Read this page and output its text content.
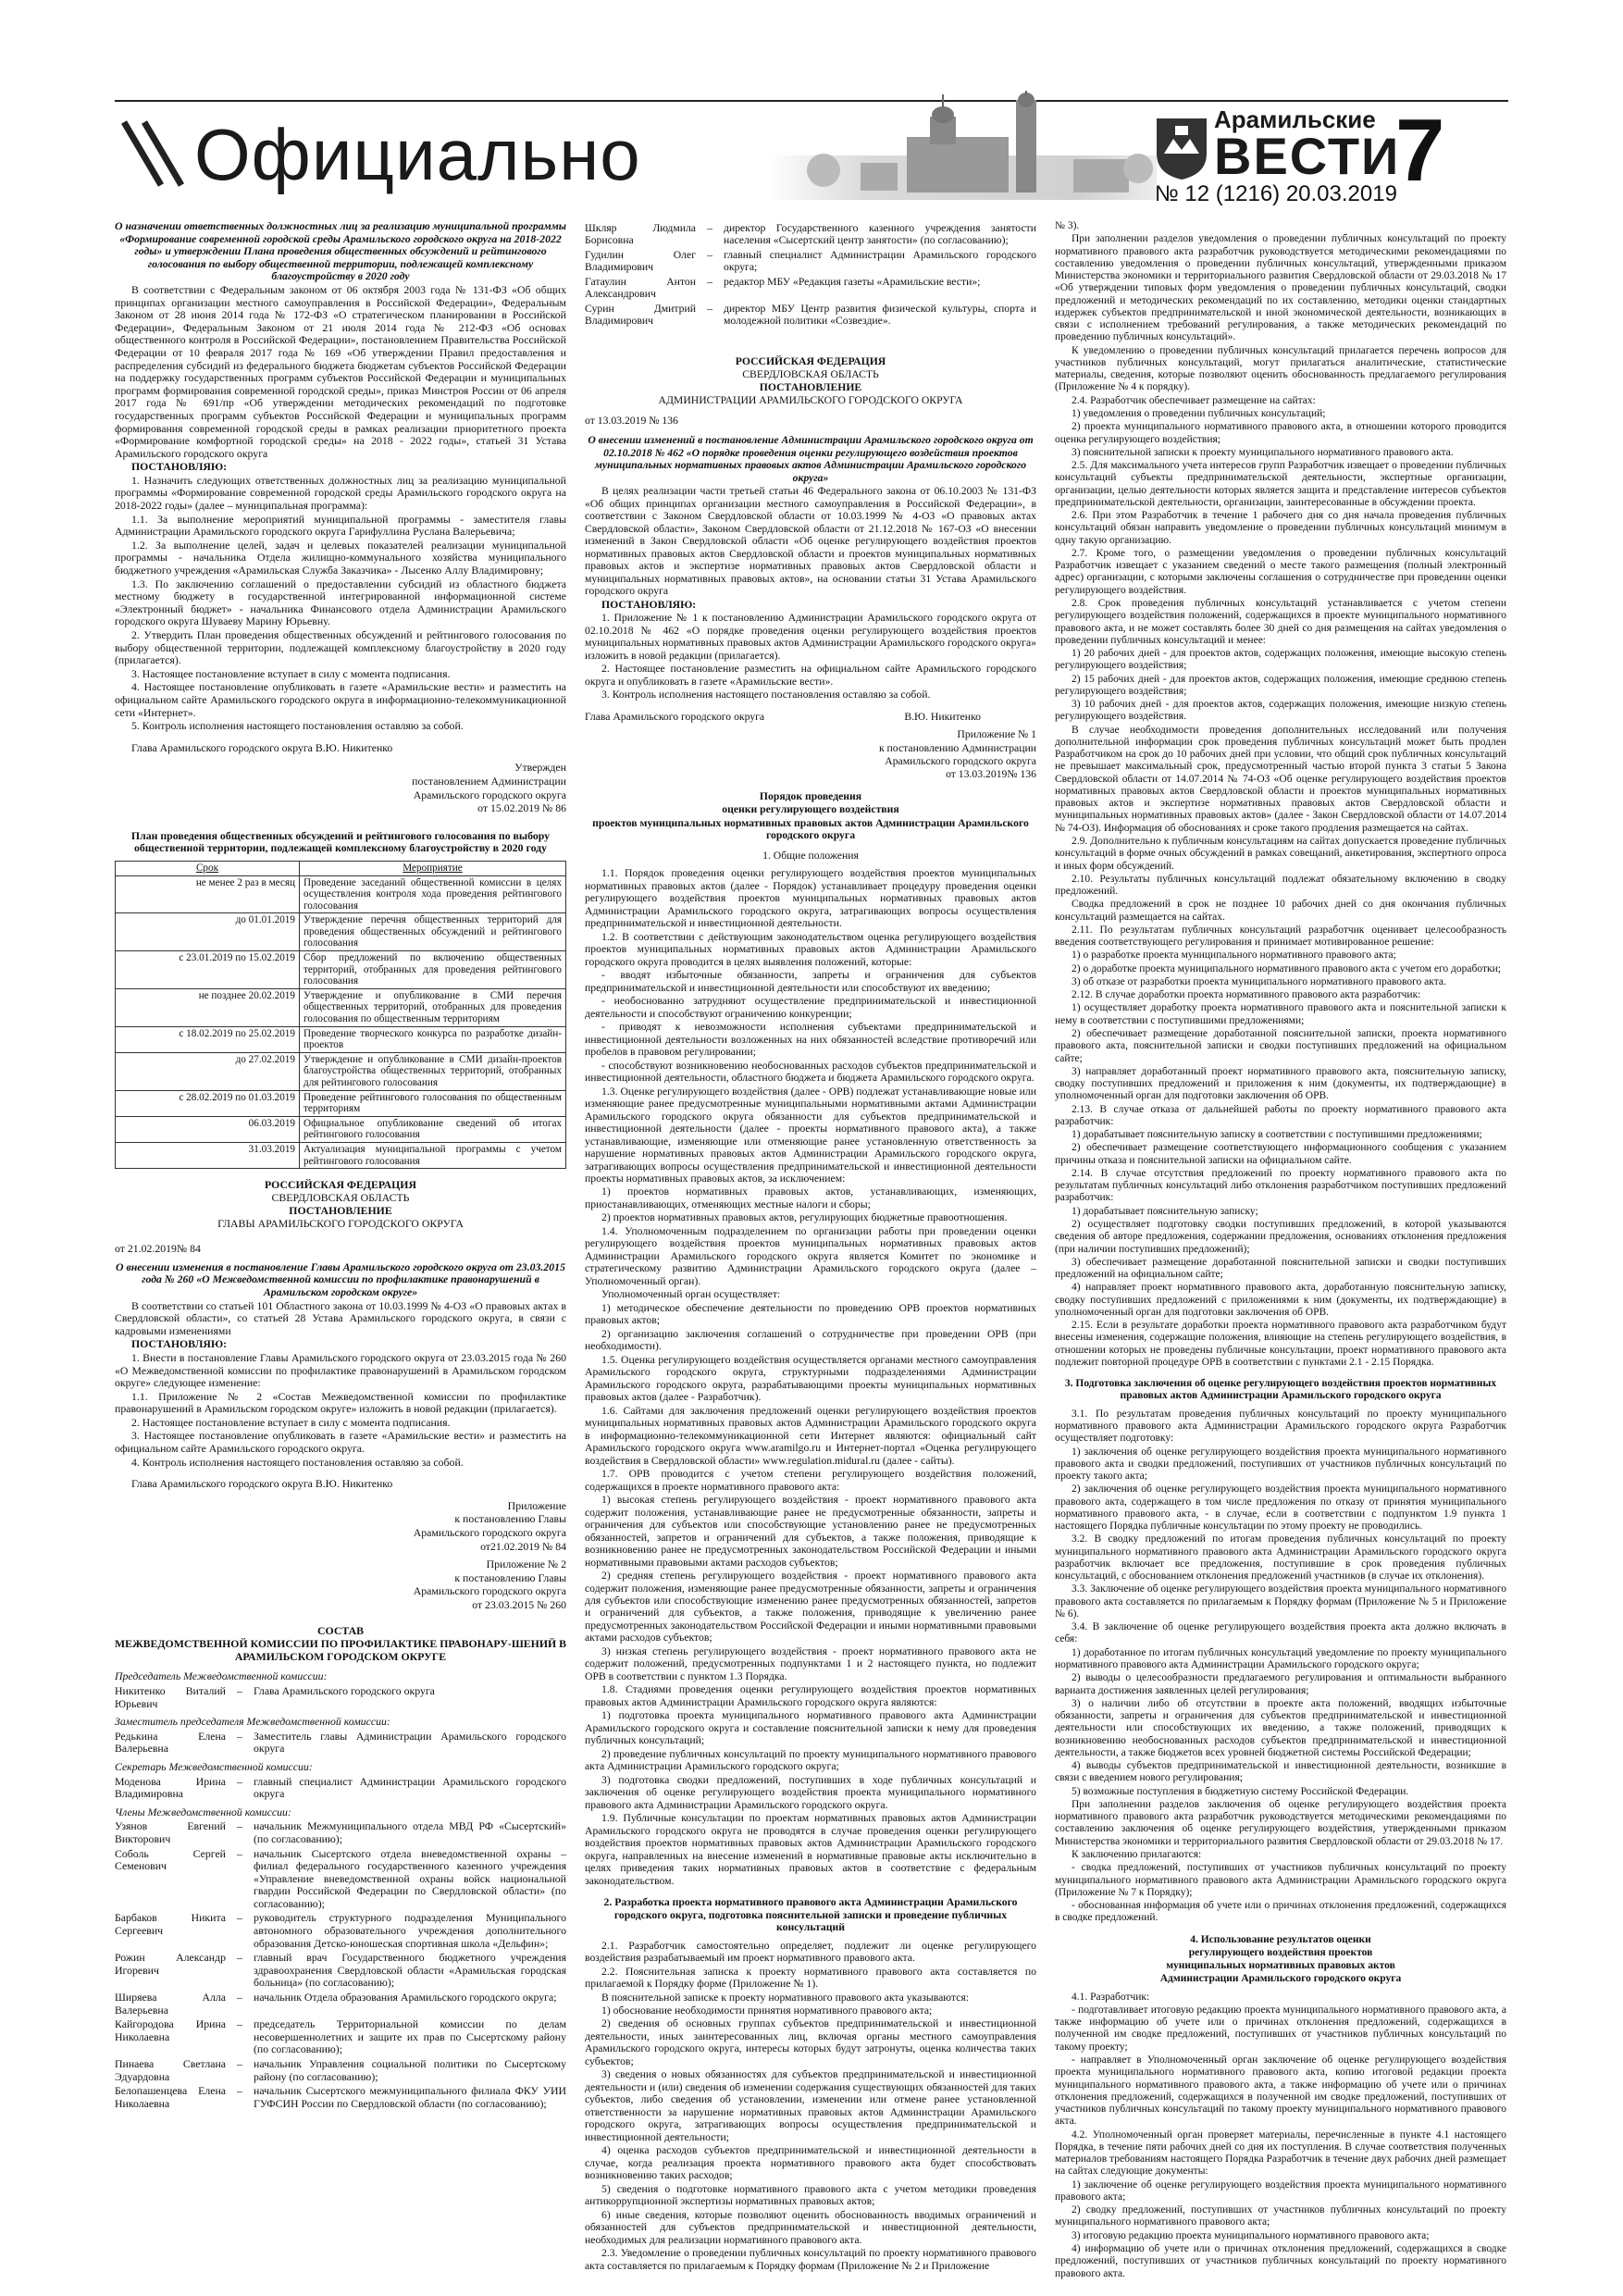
Официально	Арамильские
ВЕСТИ
7
№ 12 (1216) 20.03.2019

О назначении ответственных должностных лиц за реализацию муниципальной программы «Формирование современной городской среды Арамильского городского округа на 2018-2022 годы» и утверждении Плана проведения общественных обсуждений и рейтингового голосования по выбору общественной территории, подлежащей комплексному благоустройству в 2020 году

В соответствии с Федеральным законом от 06 октября 2003 года № 131-ФЗ «Об общих принципах организации местного самоуправления в Российской Федерации», Федеральным Законом от 28 июня 2014 года № 172-ФЗ «О стратегическом планировании в Российской Федерации», Федеральным Законом от 21 июля 2014 года № 212-ФЗ «Об основах общественного контроля в Российской Федерации», постановлением Правительства Российской Федерации от 10 февраля 2017 года № 169 «Об утверждении Правил предоставления и распределения субсидий из федерального бюджета бюджетам субъектов Российской Федерации на поддержку государственных программ субъектов Российской Федерации и муниципальных программ формирования современной городской среды», приказ Минстроя России от 06 апреля 2017 года № 691/пр «Об утверждении методических рекомендаций по подготовке государственных программ субъектов Российской Федерации и муниципальных программ формирования современной городской среды в рамках реализации приоритетного проекта «Формирование комфортной городской среды» на 2018 - 2022 годы», статьей 31 Устава Арамильского городского округа

ПОСТАНОВЛЯЮ:

1. Назначить следующих ответственных должностных лиц за реализацию муниципальной программы «Формирование современной городской среды Арамильского городского округа на 2018-2022 годы» (далее – муниципальная программа):

1.1. За выполнение мероприятий муниципальной программы - заместителя главы Администрации Арамильского городского округа Гарифуллина Руслана Валерьевича;

1.2. За выполнение целей, задач и целевых показателей реализации муниципальной программы - начальника Отдела жилищно-коммунального хозяйства муниципального бюджетного учреждения «Арамильская Служба Заказчика» - Лысенко Аллу Владимировну;

1.3. По заключению соглашений о предоставлении субсидий из областного бюджета местному бюджету в государственной интегрированной информационной системе «Электронный бюджет» - начальника Финансового отдела Администрации Арамильского городского округа Шуваеву Марину Юрьевну.

2. Утвердить План проведения общественных обсуждений и рейтингового голосования по выбору общественной территории, подлежащей комплексному благоустройству в 2020 году (прилагается).

3. Настоящее постановление вступает в силу с момента подписания.

4. Настоящее постановление опубликовать в газете «Арамильские вести» и разместить на официальном сайте Арамильского городского округа в информационно-телекоммуникационной сети «Интернет».

5. Контроль исполнения настоящего постановления оставляю за собой.

Глава Арамильского городского округа В.Ю. Никитенко

Утвержден

постановлением Администрации

Арамильского городского округа

от 15.02.2019 № 86

План проведения общественных обсуждений и рейтингового голосования по выбору общественной территории, подлежащей комплексному благоустройству в 2020 году

Срок	Мероприятие
не менее 2 раз в месяц	Проведение заседаний общественной комиссии в целях осуществления контроля хода проведения рейтингового голосования
до 01.01.2019	Утверждение перечня общественных территорий для проведения общественных обсуждений и рейтингового голосования
с 23.01.2019 по 15.02.2019	Сбор предложений по включению общественных территорий, отобранных для проведения рейтингового голосования
не позднее 20.02.2019	Утверждение и опубликование в СМИ перечня общественных территорий, отобранных для проведения голосования по общественным территориям
с 18.02.2019 по 25.02.2019	Проведение творческого конкурса по разработке дизайн-проектов
до 27.02.2019	Утверждение и опубликование в СМИ дизайн-проектов благоустройства общественных территорий, отобранных для рейтингового голосования
с 28.02.2019 по 01.03.2019	Проведение рейтингового голосования по общественным территориям
06.03.2019	Официальное опубликование сведений об итогах рейтингового голосования
31.03.2019	Актуализация муниципальной программы с учетом рейтингового голосования
РОССИЙСКАЯ ФЕДЕРАЦИЯ
СВЕРДЛОВСКАЯ ОБЛАСТЬ
ПОСТАНОВЛЕНИЕ
ГЛАВЫ АРАМИЛЬСКОГО ГОРОДСКОГО ОКРУГА

от 21.02.2019№ 84

О внесении изменения в постановление Главы Арамильского городского округа от 23.03.2015 года № 260 «О Межведомственной комиссии по профилактике правонарушений в Арамильском городском округе»

В соответствии со статьей 101 Областного закона от 10.03.1999 № 4-ОЗ «О правовых актах в Свердловской области», со статьей 28 Устава Арамильского городского округа, в связи с кадровыми изменениями

ПОСТАНОВЛЯЮ:

1. Внести в постановление Главы Арамильского городского округа от 23.03.2015 года № 260 «О Межведомственной комиссии по профилактике правонарушений в Арамильском городском округе» следующее изменение:

1.1. Приложение № 2 «Состав Межведомственной комиссии по профилактике правонарушений в Арамильском городском округе» изложить в новой редакции (прилагается).

2. Настоящее постановление вступает в силу с момента подписания.

3. Настоящее постановление опубликовать в газете «Арамильские вести» и разместить на официальном сайте Арамильского городского округа.

4. Контроль исполнения настоящего постановления оставляю за собой.

Глава Арамильского городского округа В.Ю. Никитенко

Приложение

к постановлению Главы

Арамильского городского округа

от21.02.2019 № 84

Приложение № 2

к постановлению Главы

Арамильского городского округа

от 23.03.2015 № 260

СОСТАВ

МЕЖВЕДОМСТВЕННОЙ КОМИССИИ ПО ПРОФИЛАКТИКЕ ПРАВОНАРУ-ШЕНИЙ В АРАМИЛЬСКОМ ГОРОДСКОМ ОКРУГЕ

Председатель Межведомственной комиссии:

Никитенко Виталий Юрьевич
–	Глава Арамильского городского округа

Заместитель председателя Межведомственной комиссии:

Редькина Елена Валерьевна
–	Заместитель главы Администрации Арамильского городского округа

Секретарь Межведомственной комиссии:

Моденова Ирина Владимировна
–	главный специалист Администрации Арамильского городского округа

Члены Межведомственной комиссии:

Узянов Евгений Викторович
–	начальник Межмуниципального отдела МВД РФ «Сысертский» (по согласованию);
Соболь Сергей Семенович
–	начальник Сысертского отдела вневедомственной охраны – филиал федерального государственного казенного учреждения «Управление вневедомственной охраны войск национальной гвардии Российской Федерации по Свердловской области» (по согласованию);
Барбаков Никита Сергеевич
–	руководитель структурного подразделения Муниципального автономного образовательного учреждения дополнительного образования Детско-юношеская спортивная школа «Дельфин»;
Рожин Александр Игоревич
–	главный врач Государственного бюджетного учреждения здравоохранения Свердловской области «Арамильская городская больница» (по согласованию);
Ширяева Алла Валерьевна
–	начальник Отдела образования Арамильского городского округа;
Кайгородова Ирина Николаевна
–	председатель Территориальной комиссии по делам несовершеннолетних и защите их прав по Сысертскому району (по согласованию);
Пинаева Светлана Эдуардовна
–	начальник Управления социальной политики по Сысертскому району (по согласованию);
Белопашенцева Елена Николаевна
–	начальник Сысертского межмуниципального филиала ФКУ УИИ ГУФСИН России по Свердловской области (по согласованию);
Шкляр Людмила Борисовна
–	директор Государственного казенного учреждения занятости населения «Сысертский центр занятости» (по согласованию);
Гудилин Олег Владимирович
–	главный специалист Администрации Арамильского городского округа;
Гатаулин Антон Александрович
–	редактор МБУ «Редакция газеты «Арамильские вести»;
Сурин Дмитрий Владимирович
–	директор МБУ Центр развития физической культуры, спорта и молодежной политики «Созвездие».
РОССИЙСКАЯ ФЕДЕРАЦИЯ
СВЕРДЛОВСКАЯ ОБЛАСТЬ
ПОСТАНОВЛЕНИЕ
АДМИНИСТРАЦИИ АРАМИЛЬСКОГО ГОРОДСКОГО ОКРУГА

от 13.03.2019 № 136

О внесении изменений в постановление Администрации Арамильского городского округа от 02.10.2018 № 462 «О порядке проведения оценки регулирующего воздействия проектов муниципальных нормативных правовых актов Администрации Арамильского городского округа»

В целях реализации части третьей статьи 46 Федерального закона от 06.10.2003 № 131-ФЗ «Об общих принципах организации местного самоуправления в Российской Федерации», в соответствии с Законом Свердловской области от 10.03.1999 № 4-ОЗ «О правовых актах Свердловской области», Законом Свердловской области от 21.12.2018 № 167-ОЗ «О внесении изменений в Закон Свердловской области «Об оценке регулирующего воздействия проектов нормативных правовых актов Свердловской области и проектов муниципальных нормативных правовых актов и экспертизе нормативных правовых актов Свердловской области и муниципальных нормативных правовых актов», на основании статьи 31 Устава Арамильского городского округа

ПОСТАНОВЛЯЮ:

1. Приложение № 1 к постановлению Администрации Арамильского городского округа от 02.10.2018 № 462 «О порядке проведения оценки регулирующего воздействия проектов муниципальных нормативных правовых актов Администрации Арамильского городского округа» изложить в новой редакции (прилагается).

2. Настоящее постановление разместить на официальном сайте Арамильского городского округа и опубликовать в газете «Арамильские вести».

3. Контроль исполнения настоящего постановления оставляю за собой.

Глава Арамильского городского округа	В.Ю. Никитенко

Приложение № 1

к постановлению Администрации

Арамильского городского округа

от 13.03.2019№ 136

Порядок проведения

оценки регулирующего воздействия

проектов муниципальных нормативных правовых актов Администрации Арамильского городского округа

1. Общие положения

1.1. Порядок проведения оценки регулирующего воздействия проектов муниципальных нормативных правовых актов (далее - Порядок) устанавливает процедуру проведения оценки регулирующего воздействия проектов муниципальных нормативных правовых актов Администрации Арамильского городского округа, затрагивающих вопросы осуществления предпринимательской и инвестиционной деятельности.

1.2. В соответствии с действующим законодательством оценка регулирующего воздействия проектов муниципальных нормативных правовых актов Администрации Арамильского городского округа проводится в целях выявления положений, которые:

- вводят избыточные обязанности, запреты и ограничения для субъектов предпринимательской и инвестиционной деятельности или способствуют их введению;

- необоснованно затрудняют осуществление предпринимательской и инвестиционной деятельности и способствуют ограничению конкуренции;

- приводят к невозможности исполнения субъектами предпринимательской и инвестиционной деятельности возложенных на них обязанностей вследствие противоречий или пробелов в правовом регулировании;

- способствуют возникновению необоснованных расходов субъектов предпринимательской и инвестиционной деятельности, областного бюджета и бюджета Арамильского городского округа.

1.3. Оценке регулирующего воздействия (далее - ОРВ) подлежат устанавливающие новые или изменяющие ранее предусмотренные муниципальными нормативными актами Администрации Арамильского городского округа обязанности для субъектов предпринимательской и инвестиционной деятельности (далее - проекты нормативного правового акта), а также устанавливающие, изменяющие или отменяющие ранее установленную ответственность за нарушение нормативных правовых актов Администрации Арамильского городского округа, затрагивающих вопросы осуществления предпринимательской и инвестиционной деятельности проекты нормативных правовых актов, за исключением:

1) проектов нормативных правовых актов, устанавливающих, изменяющих, приостанавливающих, отменяющих местные налоги и сборы;

2) проектов нормативных правовых актов, регулирующих бюджетные правоотношения.

1.4. Уполномоченным подразделением по организации работы при проведении оценки регулирующего воздействия проектов муниципальных нормативных правовых актов Администрации Арамильского городского округа является Комитет по экономике и стратегическому развитию Администрации Арамильского городского округа (далее – Уполномоченный орган).

Уполномоченный орган осуществляет:

1) методическое обеспечение деятельности по проведению ОРВ проектов нормативных правовых актов;

2) организацию заключения соглашений о сотрудничестве при проведении ОРВ (при необходимости).

1.5. Оценка регулирующего воздействия осуществляется органами местного самоуправления Арамильского городского округа, структурными подразделениями Администрации Арамильского городского округа, разрабатывающими проекты муниципальных нормативных правовых актов (далее - Разработчик).

1.6. Сайтами для заключения предложений оценки регулирующего воздействия проектов муниципальных нормативных правовых актов Администрации Арамильского городского округа в информационно-телекоммуникационной сети Интернет являются: официальный сайт Арамильского городского округа www.aramilgo.ru и Интернет-портал «Оценка регулирующего воздействия в Свердловской области» www.regulation.midural.ru (далее - сайты).

1.7. ОРВ проводится с учетом степени регулирующего воздействия положений, содержащихся в проекте нормативного правового акта:

1) высокая степень регулирующего воздействия - проект нормативного правового акта содержит положения, устанавливающие ранее не предусмотренные обязанности, запреты и ограничения для субъектов или способствующие установлению ранее не предусмотренных обязанностей, запретов и ограничений для субъектов, а также положения, приводящие к возникновению ранее не предусмотренных законодательством Российской Федерации и иными нормативными правовыми актами расходов субъектов;

2) средняя степень регулирующего воздействия - проект нормативного правового акта содержит положения, изменяющие ранее предусмотренные обязанности, запреты и ограничения для субъектов или способствующие изменению ранее предусмотренных обязанностей, запретов и ограничений для субъектов, а также положения, приводящие к увеличению ранее предусмотренных законодательством Российской Федерации и иными нормативными правовыми актами расходов субъектов;

3) низкая степень регулирующего воздействия - проект нормативного правового акта не содержит положений, предусмотренных подпунктами 1 и 2 настоящего пункта, но подлежит ОРВ в соответствии с пунктом 1.3 Порядка.

1.8. Стадиями проведения оценки регулирующего воздействия проектов нормативных правовых актов Администрации Арамильского городского округа являются:

1) подготовка проекта муниципального нормативного правового акта Администрации Арамильского городского округа и составление пояснительной записки к нему для проведения публичных консультаций;

2) проведение публичных консультаций по проекту муниципального нормативного правового акта Администрации Арамильского городского округа;

3) подготовка сводки предложений, поступивших в ходе публичных консультаций и заключения об оценке регулирующего воздействия проекта муниципального нормативного правового акта Администрации Арамильского городского округа.

1.9. Публичные консультации по проектам нормативных правовых актов Администрации Арамильского городского округа не проводятся в случае проведения оценки регулирующего воздействия проектов нормативных правовых актов Администрации Арамильского городского округа, направленных на внесение изменений в нормативные правовые акты исключительно в целях приведения таких нормативных правовых актов в соответствие с федеральным законодательством.

2. Разработка проекта нормативного правового акта Администрации Арамильского городского округа, подготовка пояснительной записки и проведение публичных консультаций

2.1. Разработчик самостоятельно определяет, подлежит ли оценке регулирующего воздействия разрабатываемый им проект нормативного правового акта.

2.2. Пояснительная записка к проекту нормативного правового акта составляется по прилагаемой к Порядку форме (Приложение № 1).

В пояснительной записке к проекту нормативного правового акта указываются:

1) обоснование необходимости принятия нормативного правового акта;

2) сведения об основных группах субъектов предпринимательской и инвестиционной деятельности, иных заинтересованных лиц, включая органы местного самоуправления Арамильского городского округа, интересы которых будут затронуты, оценка количества таких субъектов;

3) сведения о новых обязанностях для субъектов предпринимательской и инвестиционной деятельности и (или) сведения об изменении содержания существующих обязанностей для таких субъектов, либо сведения об установлении, изменении или отмене ранее установленной ответственности за нарушение нормативных правовых актов Администрации Арамильского городского округа, затрагивающих вопросы осуществления предпринимательской и инвестиционной деятельности;

4) оценка расходов субъектов предпринимательской и инвестиционной деятельности в случае, когда реализация проекта нормативного правового акта будет способствовать возникновению таких расходов;

5) сведения о подготовке нормативного правового акта с учетом методики проведения антикоррупционной экспертизы нормативных правовых актов;

6) иные сведения, которые позволяют оценить обоснованность вводимых ограничений и обязанностей для субъектов предпринимательской и инвестиционной деятельности, необходимых для реализации нормативного правового акта.

2.3. Уведомление о проведении публичных консультаций по проекту нормативного правового акта составляется по прилагаемым к Порядку формам (Приложение № 2 и Приложение

№ 3).

При заполнении разделов уведомления о проведении публичных консультаций по проекту нормативного правового акта разработчик руководствуется методическими рекомендациями по составлению уведомления о проведении публичных консультаций, утвержденными приказом Министерства экономики и территориального развития Свердловской области от 29.03.2018 № 17 «Об утверждении типовых форм уведомления о проведении публичных консультаций, сводки предложений и методических рекомендаций по их составлению, методики оценки стандартных издержек субъектов предпринимательской и иной экономической деятельности, возникающих в связи с исполнением требований регулирования, а также методических рекомендаций по проведению публичных консультаций».

К уведомлению о проведении публичных консультаций прилагается перечень вопросов для участников публичных консультаций, могут прилагаться аналитические, статистические материалы, сведения, которые позволяют оценить обоснованность предлагаемого регулирования (Приложение № 4 к порядку).

2.4. Разработчик обеспечивает размещение на сайтах:

1) уведомления о проведении публичных консультаций;

2) проекта муниципального нормативного правового акта, в отношении которого проводится оценка регулирующего воздействия;

3) пояснительной записки к проекту муниципального нормативного правового акта.

2.5. Для максимального учета интересов групп Разработчик извещает о проведении публичных консультаций субъекты предпринимательской деятельности, экспертные организации, организации, целью деятельности которых является защита и представление интересов субъектов предпринимательской деятельности, организации, заинтересованные в обсуждении проекта.

2.6. При этом Разработчик в течение 1 рабочего дня со дня начала проведения публичных консультаций обязан направить уведомление о проведении публичных консультаций минимум в одну такую организацию.

2.7. Кроме того, о размещении уведомления о проведении публичных консультаций Разработчик извещает с указанием сведений о месте такого размещения (полный электронный адрес) организации, с которыми заключены соглашения о сотрудничестве при проведении оценки регулирующего воздействия.

2.8. Срок проведения публичных консультаций устанавливается с учетом степени регулирующего воздействия положений, содержащихся в проекте муниципального нормативного правового акта, и не может составлять более 30 дней со дня размещения на сайтах уведомления о проведении публичных консультаций и менее:

1) 20 рабочих дней - для проектов актов, содержащих положения, имеющие высокую степень регулирующего воздействия;

2) 15 рабочих дней - для проектов актов, содержащих положения, имеющие среднюю степень регулирующего воздействия;

3) 10 рабочих дней - для проектов актов, содержащих положения, имеющие низкую степень регулирующего воздействия.

В случае необходимости проведения дополнительных исследований или получения дополнительной информации срок проведения публичных консультаций может быть продлен Разработчиком на срок до 10 рабочих дней при условии, что общий срок публичных консультаций не превышает максимальный срок, предусмотренный частью второй пункта 3 статьи 5 Закона Свердловской области от 14.07.2014 № 74-ОЗ «Об оценке регулирующего воздействия проектов нормативных правовых актов Свердловской области и проектов муниципальных нормативных правовых актов и экспертизе нормативных правовых актов Свердловской области и муниципальных нормативных правовых актов» (далее - Закон Свердловской области от 14.07.2014 № 74-ОЗ). Информация об обоснованиях и сроке такого продления размещается на сайтах.

2.9. Дополнительно к публичным консультациям на сайтах допускается проведение публичных консультаций в форме очных обсуждений в рамках совещаний, анкетирования, экспертного опроса и иных форм обсуждений.

2.10. Результаты публичных консультаций подлежат обязательному включению в сводку предложений.

Сводка предложений в срок не позднее 10 рабочих дней со дня окончания публичных консультаций размещается на сайтах.

2.11. По результатам публичных консультаций разработчик оценивает целесообразность введения соответствующего регулирования и принимает мотивированное решение:

1) о разработке проекта муниципального нормативного правового акта;

2) о доработке проекта муниципального нормативного правового акта с учетом его доработки;

3) об отказе от разработки проекта муниципального нормативного правового акта.

2.12. В случае доработки проекта нормативного правового акта разработчик:

1) осуществляет доработку проекта нормативного правового акта и пояснительной записки к нему в соответствии с поступившими предложениями;

2) обеспечивает размещение доработанной пояснительной записки, проекта нормативного правового акта, пояснительной записки и сводки поступивших предложений на официальном сайте;

3) направляет доработанный проект нормативного правового акта, пояснительную записку, сводку поступивших предложений и приложения к ним (документы, их подтверждающие) в уполномоченный орган для подготовки заключения об ОРВ.

2.13. В случае отказа от дальнейшей работы по проекту нормативного правового акта разработчик:

1) дорабатывает пояснительную записку в соответствии с поступившими предложениями;

2) обеспечивает размещение соответствующего информационного сообщения с указанием причины отказа и пояснительной записки на официальном сайте.

2.14. В случае отсутствия предложений по проекту нормативного правового акта по результатам публичных консультаций либо отклонения разработчиком поступивших предложений разработчик:

1) дорабатывает пояснительную записку;

2) осуществляет подготовку сводки поступивших предложений, в которой указываются сведения об авторе предложения, содержании предложения, основаниях отклонения предложения (при наличии поступивших предложений);

3) обеспечивает размещение доработанной пояснительной записки и сводки поступивших предложений на официальном сайте;

4) направляет проект нормативного правового акта, доработанную пояснительную записку, сводку поступивших предложений с приложениями к ним (документы, их подтверждающие) в уполномоченный орган для подготовки заключения об ОРВ.

2.15. Если в результате доработки проекта нормативного правового акта разработчиком будут внесены изменения, содержащие положения, влияющие на степень регулирующего воздействия, в отношении которых не проведены публичные консультации, проект нормативного правового акта подлежит повторной процедуре ОРВ в соответствии с пунктами 2.1 - 2.15 Порядка.

3. Подготовка заключения об оценке регулирующего воздействия проектов нормативных правовых актов Администрации Арамильского городского округа

3.1. По результатам проведения публичных консультаций по проекту муниципального нормативного правового акта Администрации Арамильского городского округа Разработчик осуществляет подготовку:

1) заключения об оценке регулирующего воздействия проекта муниципального нормативного правового акта и сводки предложений, поступивших от участников публичных консультаций по проекту такого акта;

2) заключения об оценке регулирующего воздействия проекта муниципального нормативного правового акта, содержащего в том числе предложения по отказу от принятия муниципального нормативного правового акта, - в случае, если в соответствии с подпунктом 1.9 пункта 1 настоящего Порядка публичные консультации по этому проекту не проводились.

3.2. В сводку предложений по итогам проведения публичных консультаций по проекту муниципального нормативного правового акта Администрации Арамильского городского округа разработчик включает все предложения, поступившие в срок проведения публичных консультаций, с обоснованием отклонения предложений участников (в случае их отклонения).

3.3. Заключение об оценке регулирующего воздействия проекта муниципального нормативного правового акта составляется по прилагаемым к Порядку формам (Приложение № 5 и Приложение № 6).

3.4. В заключение об оценке регулирующего воздействия проекта акта должно включать в себя:

1) доработанное по итогам публичных консультаций уведомление по проекту муниципального нормативного правового акта Администрации Арамильского городского округа;

2) выводы о целесообразности предлагаемого регулирования и оптимальности выбранного варианта достижения заявленных целей регулирования;

3) о наличии либо об отсутствии в проекте акта положений, вводящих избыточные обязанности, запреты и ограничения для субъектов предпринимательской и инвестиционной деятельности или способствующих их введению, а также положений, приводящих к возникновению необоснованных расходов субъектов предпринимательской и инвестиционной деятельности, а также бюджетов всех уровней бюджетной системы Российской Федерации;

4) выводы субъектов предпринимательской и инвестиционной деятельности, возникшие в связи с введением нового регулирования;

5) возможные поступления в бюджетную систему Российской Федерации.

При заполнении разделов заключения об оценке регулирующего воздействия проекта нормативного правового акта разработчик руководствуется методическими рекомендациями по составлению заключения об оценке регулирующего воздействия, утвержденными приказом Министерства экономики и территориального развития Свердловской области от 29.03.2018 № 17.

К заключению прилагаются:

- сводка предложений, поступивших от участников публичных консультаций по проекту муниципального нормативного правового акта Администрации Арамильского городского округа (Приложение № 7 к Порядку);

- обоснованная информация об учете или о причинах отклонения предложений, содержащихся в сводке предложений.

4. Использование результатов оценки

регулирующего воздействия проектов

муниципальных нормативных правовых актов

Администрации Арамильского городского округа

4.1. Разработчик:

- подготавливает итоговую редакцию проекта муниципального нормативного правового акта, а также информацию об учете или о причинах отклонения предложений, содержащихся в полученной им сводке предложений, поступивших от участников публичных консультаций по такому проекту;

- направляет в Уполномоченный орган заключение об оценке регулирующего воздействия проекта муниципального нормативного правового акта, копию итоговой редакции проекта муниципального нормативного правового акта, а также информацию об учете или о причинах отклонения предложений, содержащихся в полученной им сводке предложений, поступивших от участников публичных консультаций по такому проекту муниципального нормативного правового акта.

4.2. Уполномоченный орган проверяет материалы, перечисленные в пункте 4.1 настоящего Порядка, в течение пяти рабочих дней со дня их поступления. В случае соответствия полученных материалов требованиям настоящего Порядка Разработчик в течение двух рабочих дней размещает на сайтах следующие документы:

1) заключение об оценке регулирующего воздействия проекта муниципального нормативного правового акта;

2) сводку предложений, поступивших от участников публичных консультаций по проекту муниципального нормативного правового акта;

3) итоговую редакцию проекта муниципального нормативного правового акта;

4) информацию об учете или о причинах отклонения предложений, содержащихся в сводке предложений, поступивших от участников публичных консультаций по проекту нормативного правового акта.
